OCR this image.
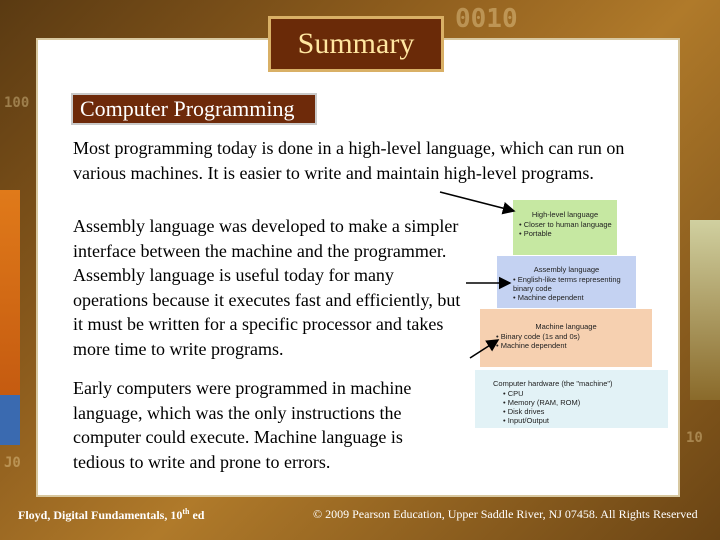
0010
100
10
J0
Summary
Computer Programming
Most programming today is done in a high-level language, which can run on various machines. It is easier to write and maintain high-level programs.
Assembly language was developed to make a simpler interface between the machine and the programmer. Assembly language is useful today for many operations because it executes fast and efficiently, but it must be written for a specific processor and takes more time to write programs.
Early computers were programmed in machine language, which was the only instructions the computer could execute. Machine language is tedious to write and prone to errors.
High-level language
• Closer to human language
• Portable
Assembly language
• English-like terms representing binary code
• Machine dependent
Machine language
• Binary code (1s and 0s)
• Machine dependent
Computer hardware (the "machine")
• CPU
• Memory (RAM, ROM)
• Disk drives
• Input/Output
Floyd, Digital Fundamentals, 10th ed	© 2009 Pearson Education, Upper Saddle River, NJ 07458. All Rights Reserved
